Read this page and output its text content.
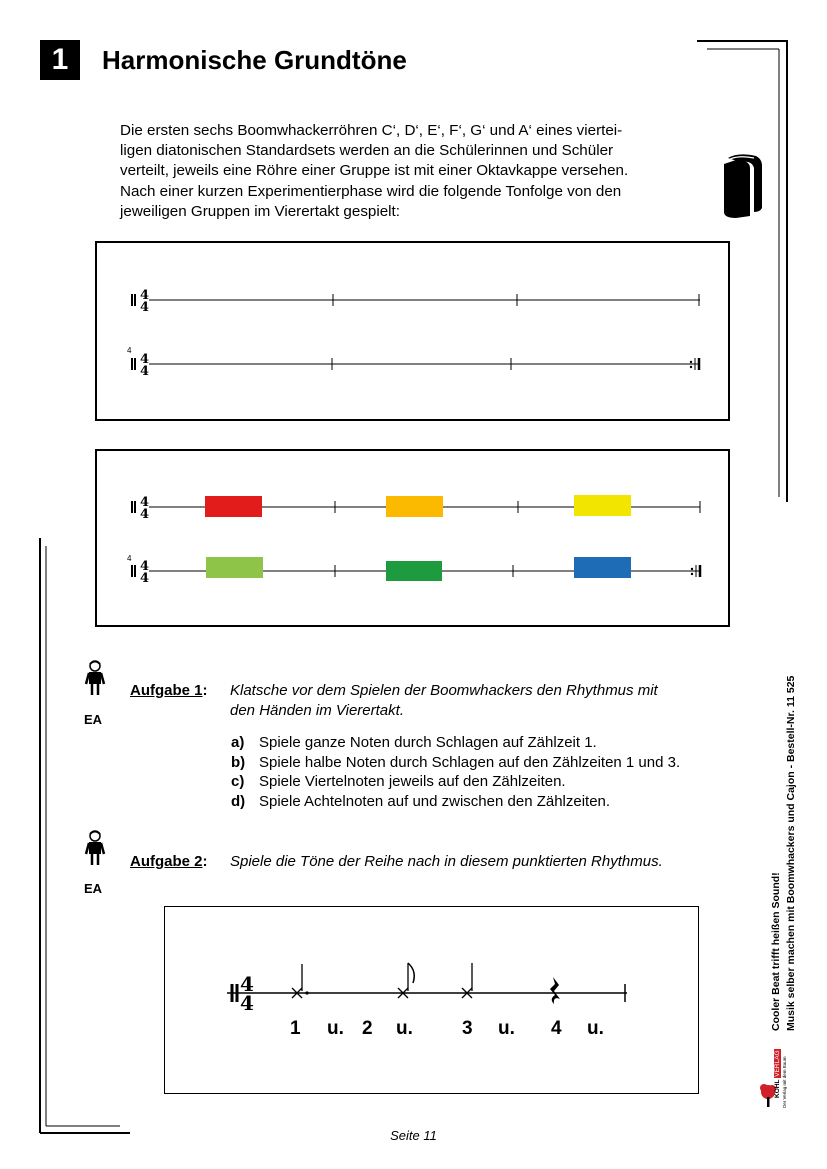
1	Harmonische Grundtöne
Die ersten sechs Boomwhackerröhren C‘, D‘, E‘, F‘, G‘ und A‘ eines viertei-
ligen diatonischen Standardsets werden an die Schülerinnen und Schüler
verteilt, jeweils eine Röhre einer Gruppe ist mit einer Oktavkappe versehen.
Nach einer kurzen Experimentierphase wird die folgende Tonfolge von den
jeweiligen Gruppen im Vierertakt gespielt:
4
4
4
4
4
4
4
4
4
4
EA
Aufgabe 1: Klatsche vor dem Spielen der Boomwhackers den Rhythmus mit
den Händen im Vierertakt.
a) Spiele ganze Noten durch Schlagen auf Zählzeit 1.
b) Spiele halbe Noten durch Schlagen auf den Zählzeiten 1 und 3.
c) Spiele Viertelnoten jeweils auf den Zählzeiten.
d) Spiele Achtelnoten auf und zwischen den Zählzeiten.
EA
Aufgabe 2: Spiele die Töne der Reihe nach in diesem punktierten Rhythmus.
4
4
1 u. 2 u.	3 u. 4 u.	Cooler Beat trifft heißen Sound! Musik selber machen mit Boomwhackers und Cajon - Bestell-Nr. 11 525
KOHL VERLAG Der Verlag mit dem Baum
Seite 11
